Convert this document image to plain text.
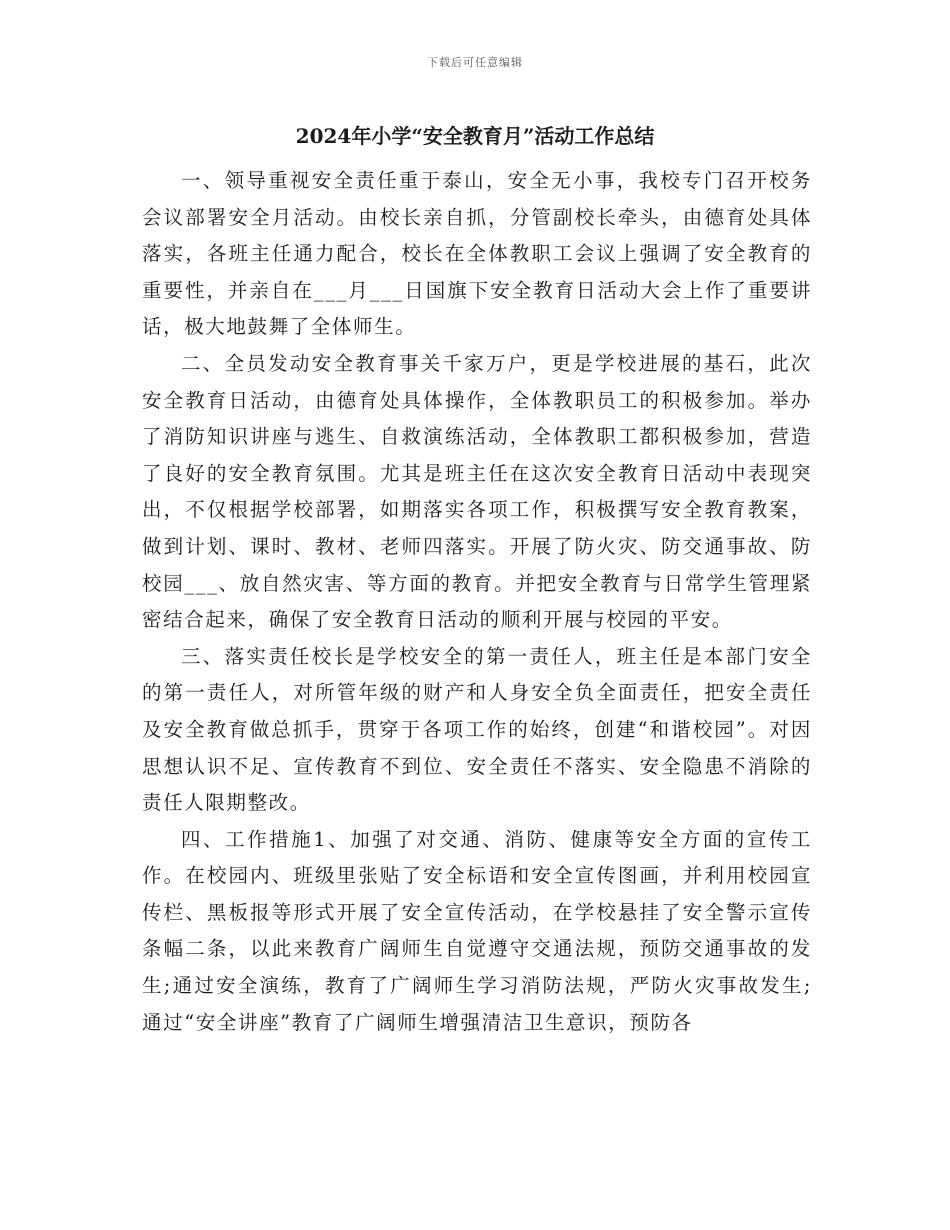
下载后可任意编辑
2024年小学“安全教育月”活动工作总结

一、领导重视安全责任重于泰山，安全无小事，我校专门召开校务会议部署安全月活动。由校长亲自抓，分管副校长牵头，由德育处具体落实，各班主任通力配合，校长在全体教职工会议上强调了安全教育的重要性，并亲自在___月___日国旗下安全教育日活动大会上作了重要讲话，极大地鼓舞了全体师生。

二、全员发动安全教育事关千家万户，更是学校进展的基石，此次安全教育日活动，由德育处具体操作，全体教职员工的积极参加。举办了消防知识讲座与逃生、自救演练活动，全体教职工都积极参加，营造了良好的安全教育氛围。尤其是班主任在这次安全教育日活动中表现突出，不仅根据学校部署，如期落实各项工作，积极撰写安全教育教案，做到计划、课时、教材、老师四落实。开展了防火灾、防交通事故、防校园___、放自然灾害、等方面的教育。并把安全教育与日常学生管理紧密结合起来，确保了安全教育日活动的顺利开展与校园的平安。

三、落实责任校长是学校安全的第一责任人，班主任是本部门安全的第一责任人，对所管年级的财产和人身安全负全面责任，把安全责任及安全教育做总抓手，贯穿于各项工作的始终，创建“和谐校园”。对因思想认识不足、宣传教育不到位、安全责任不落实、安全隐患不消除的责任人限期整改。

四、工作措施1、加强了对交通、消防、健康等安全方面的宣传工作。在校园内、班级里张贴了安全标语和安全宣传图画，并利用校园宣传栏、黑板报等形式开展了安全宣传活动，在学校悬挂了安全警示宣传条幅二条，以此来教育广阔师生自觉遵守交通法规，预防交通事故的发生;通过安全演练，教育了广阔师生学习消防法规，严防火灾事故发生;通过“安全讲座”教育了广阔师生增强清洁卫生意识，预防各
